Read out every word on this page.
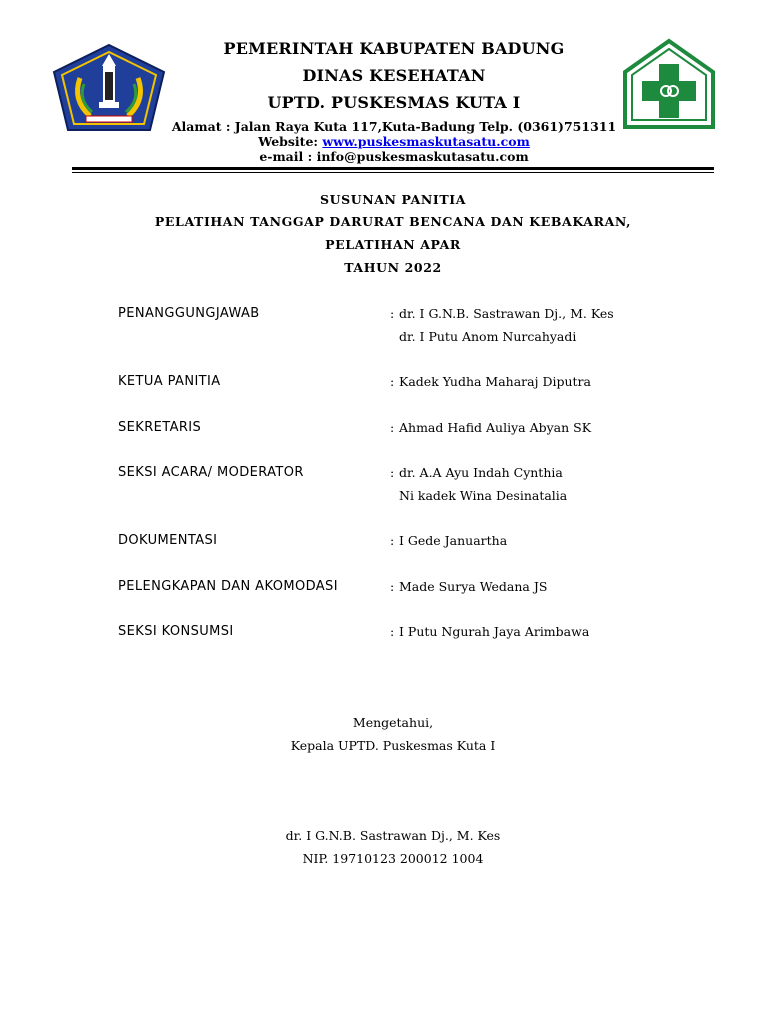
PEMERINTAH KABUPATEN BADUNG
DINAS KESEHATAN
UPTD. PUSKESMAS KUTA I
Alamat : Jalan Raya Kuta 117,Kuta-Badung Telp. (0361)751311
Website: www.puskesmaskutasatu.com
e-mail : info@puskesmaskutasatu.com
SUSUNAN PANITIA
PELATIHAN TANGGAP DARURAT BENCANA DAN KEBAKARAN,
PELATIHAN APAR
TAHUN 2022
PENANGGUNGJAWAB	: dr. I G.N.B. Sastrawan Dj., M. Kes
dr. I Putu Anom Nurcahyadi
KETUA PANITIA	: Kadek Yudha Maharaj Diputra
SEKRETARIS	: Ahmad Hafid Auliya Abyan SK
SEKSI ACARA/ MODERATOR	: dr. A.A Ayu Indah Cynthia
Ni kadek Wina Desinatalia
DOKUMENTASI	: I Gede Januartha
PELENGKAPAN DAN AKOMODASI	: Made Surya Wedana JS
SEKSI KONSUMSI	: I Putu Ngurah Jaya Arimbawa
Mengetahui,
Kepala UPTD. Puskesmas Kuta I
dr. I G.N.B. Sastrawan Dj., M. Kes
NIP. 19710123 200012 1004
